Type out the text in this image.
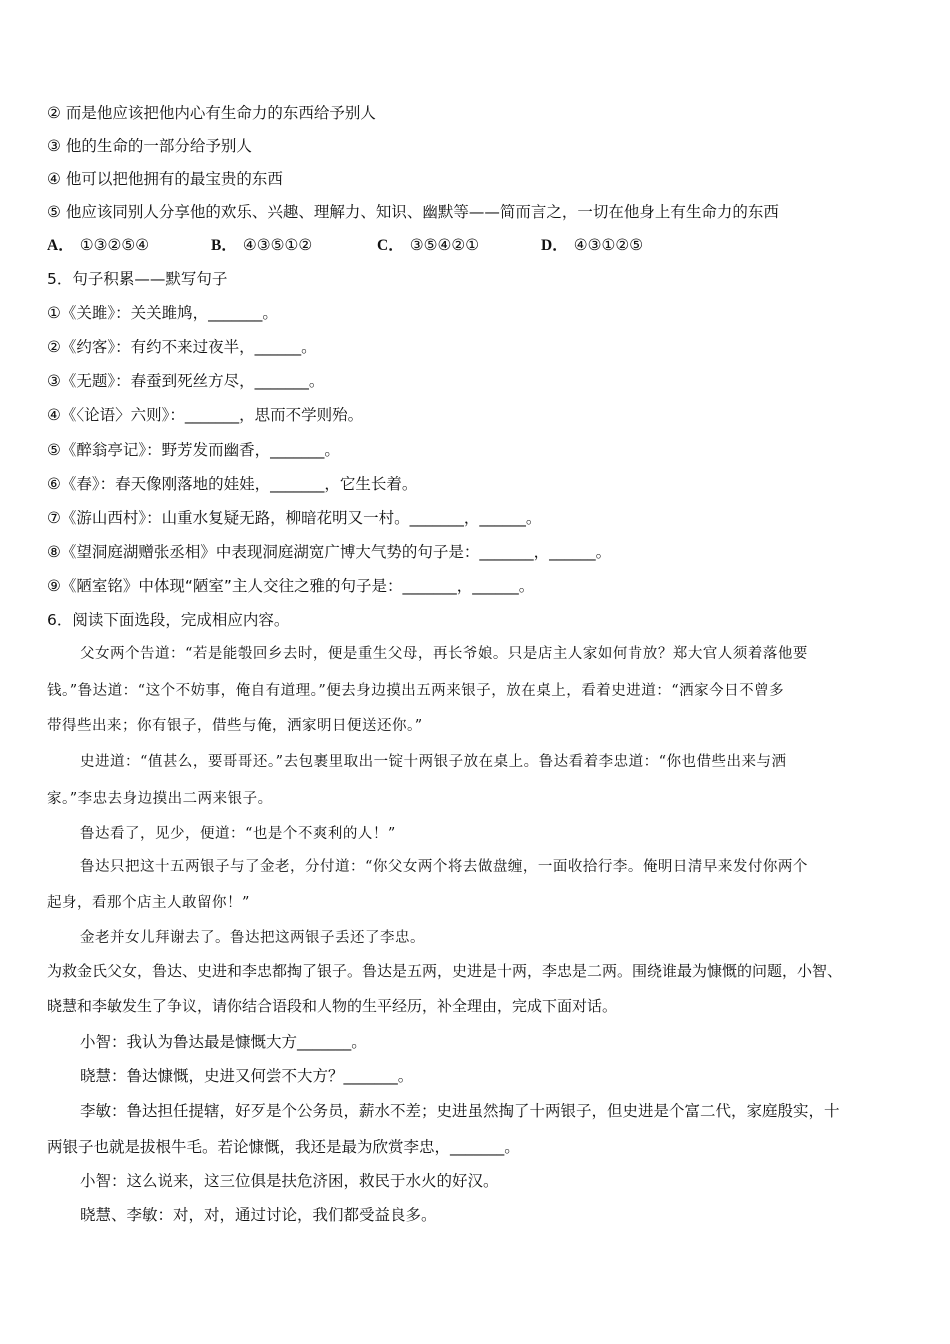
② 而是他应该把他内心有生命力的东西给予别人
③ 他的生命的一部分给予别人
④ 他可以把他拥有的最宝贵的东西
⑤ 他应该同别人分享他的欢乐、兴趣、理解力、知识、幽默等——简而言之，一切在他身上有生命力的东西
A． ①③②⑤④	B． ④③⑤①②	C． ③⑤④②①	D． ④③①②⑤
5．句子积累——默写句子
①《关雎》：关关雎鸠，_______。
②《约客》：有约不来过夜半，______。
③《无题》：春蚕到死丝方尽，_______。
④《〈论语〉六则》：_______，思而不学则殆。
⑤《醉翁亭记》：野芳发而幽香，_______。
⑥《春》：春天像刚落地的娃娃，_______，它生长着。
⑦《游山西村》：山重水复疑无路，柳暗花明又一村。_______，______。
⑧《望洞庭湖赠张丞相》中表现洞庭湖宽广博大气势的句子是：_______，______。
⑨《陋室铭》中体现“陋室”主人交往之雅的句子是：_______，______。
6．阅读下面选段，完成相应内容。
父女两个告道：“若是能彀回乡去时，便是重生父母，再长爷娘。只是店主人家如何肯放？郑大官人须着落他要
钱。”鲁达道：“这个不妨事，俺自有道理。”便去身边摸出五两来银子，放在桌上，看着史进道：“洒家今日不曾多
带得些出来；你有银子，借些与俺，洒家明日便送还你。”
史进道：“值甚么，要哥哥还。”去包裹里取出一锭十两银子放在桌上。鲁达看着李忠道：“你也借些出来与洒
家。”李忠去身边摸出二两来银子。
鲁达看了，见少，便道：“也是个不爽利的人！”
鲁达只把这十五两银子与了金老，分付道：“你父女两个将去做盘缠，一面收拾行李。俺明日清早来发付你两个
起身，看那个店主人敢留你！”
金老并女儿拜谢去了。鲁达把这两银子丢还了李忠。
为救金氏父女，鲁达、史进和李忠都掏了银子。鲁达是五两，史进是十两，李忠是二两。围绕谁最为慷慨的问题，小智、
晓慧和李敏发生了争议，请你结合语段和人物的生平经历，补全理由，完成下面对话。
小智：我认为鲁达最是慷慨大方_______。
晓慧：鲁达慷慨，史进又何尝不大方？_______。
李敏：鲁达担任提辖，好歹是个公务员，薪水不差；史进虽然掏了十两银子，但史进是个富二代，家庭殷实，十
两银子也就是拔根牛毛。若论慷慨，我还是最为欣赏李忠，_______。
小智：这么说来，这三位俱是扶危济困，救民于水火的好汉。
晓慧、李敏：对，对，通过讨论，我们都受益良多。
